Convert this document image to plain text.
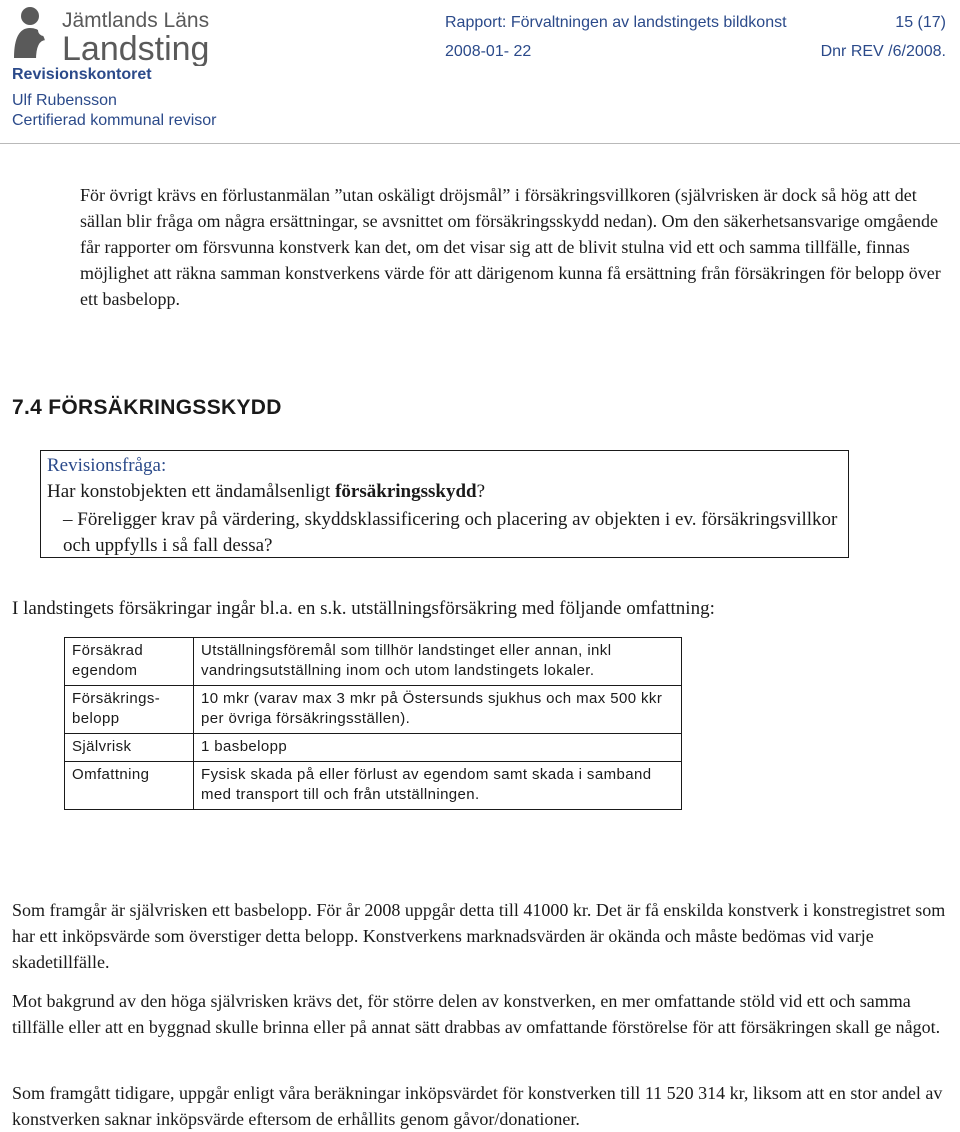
Jämtlands Läns
Landsting
Revisionskontoret
Ulf Rubensson
Certifierad kommunal revisor
Rapport: Förvaltningen av landstingets bildkonst	15 (17)
2008-01- 22	Dnr REV /6/2008.
För övrigt krävs en förlustanmälan ”utan oskäligt dröjsmål” i försäkringsvillkoren (självrisken är dock så hög att det sällan blir fråga om några ersättningar, se avsnittet om försäkringsskydd nedan). Om den säkerhetsansvarige omgående får rapporter om försvunna konstverk kan det, om det visar sig att de blivit stulna vid ett och samma tillfälle, finnas möjlighet att räkna samman konstverkens värde för att därigenom kunna få ersättning från försäkringen för belopp över ett basbelopp.
7.4 FÖRSÄKRINGSSKYDD
Revisionsfråga:
Har konstobjekten ett ändamålsenligt försäkringsskydd?
– Föreligger krav på värdering, skyddsklassificering och placering av objekten i ev. försäkringsvillkor och uppfylls i så fall dessa?
I landstingets försäkringar ingår bl.a. en s.k. utställningsförsäkring med följande omfattning:
Försäkrad egendom	Utställningsföremål som tillhör landstinget eller annan, inkl vandringsutställning inom och utom landstingets lokaler.
Försäkrings-belopp	10 mkr (varav max 3 mkr på Östersunds sjukhus och max 500 kkr per övriga försäkringsställen).
Självrisk	1 basbelopp
Omfattning	Fysisk skada på eller förlust av egendom samt skada i samband med transport till och från utställningen.
Som framgår är självrisken ett basbelopp. För år 2008 uppgår detta till 41000 kr. Det är få enskilda konstverk i konstregistret som har ett inköpsvärde som överstiger detta belopp. Konstverkens marknadsvärden är okända och måste bedömas vid varje skadetillfälle.
Mot bakgrund av den höga självrisken krävs det, för större delen av konstverken, en mer omfattande stöld vid ett och samma tillfälle eller att en byggnad skulle brinna eller på annat sätt drabbas av omfattande förstörelse för att försäkringen skall ge något.
Som framgått tidigare, uppgår enligt våra beräkningar inköpsvärdet för konstverken till 11 520 314 kr, liksom att en stor andel av konstverken saknar inköpsvärde eftersom de erhållits genom gåvor/donationer.
